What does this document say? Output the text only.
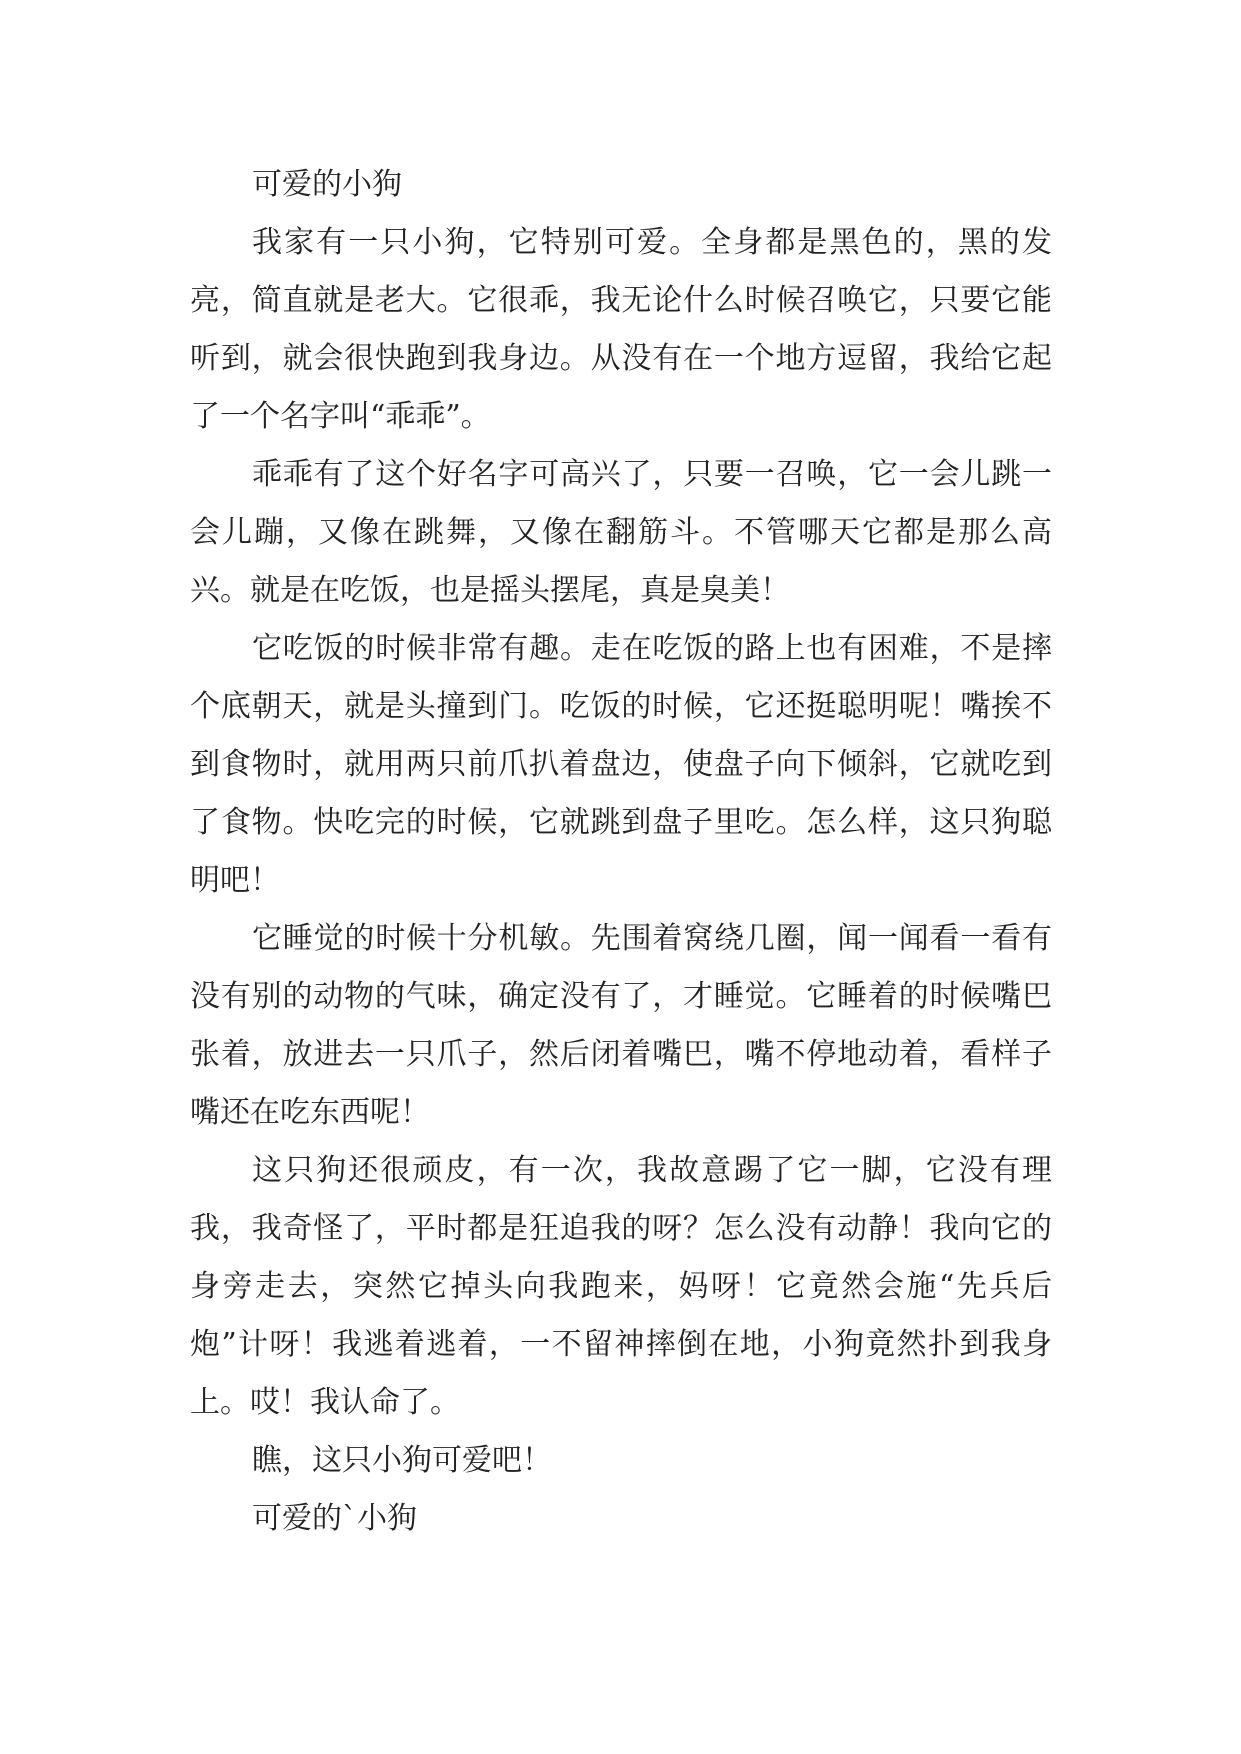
可爱的小狗

我家有一只小狗，它特别可爱。全身都是黑色的，黑的发亮，简直就是老大。它很乖，我无论什么时候召唤它，只要它能听到，就会很快跑到我身边。从没有在一个地方逗留，我给它起了一个名字叫“乖乖”。

乖乖有了这个好名字可高兴了，只要一召唤，它一会儿跳一会儿蹦，又像在跳舞，又像在翻筋斗。不管哪天它都是那么高兴。就是在吃饭，也是摇头摆尾，真是臭美！

它吃饭的时候非常有趣。走在吃饭的路上也有困难，不是摔个底朝天，就是头撞到门。吃饭的时候，它还挺聪明呢！嘴挨不到食物时，就用两只前爪扒着盘边，使盘子向下倾斜，它就吃到了食物。快吃完的时候，它就跳到盘子里吃。怎么样，这只狗聪明吧！

它睡觉的时候十分机敏。先围着窝绕几圈，闻一闻看一看有没有别的动物的气味，确定没有了，才睡觉。它睡着的时候嘴巴张着，放进去一只爪子，然后闭着嘴巴，嘴不停地动着，看样子嘴还在吃东西呢！

这只狗还很顽皮，有一次，我故意踢了它一脚，它没有理我，我奇怪了，平时都是狂追我的呀？怎么没有动静！我向它的身旁走去，突然它掉头向我跑来，妈呀！它竟然会施“先兵后炮”计呀！我逃着逃着，一不留神摔倒在地，小狗竟然扑到我身上。哎！我认命了。

瞧，这只小狗可爱吧！

可爱的`小狗
